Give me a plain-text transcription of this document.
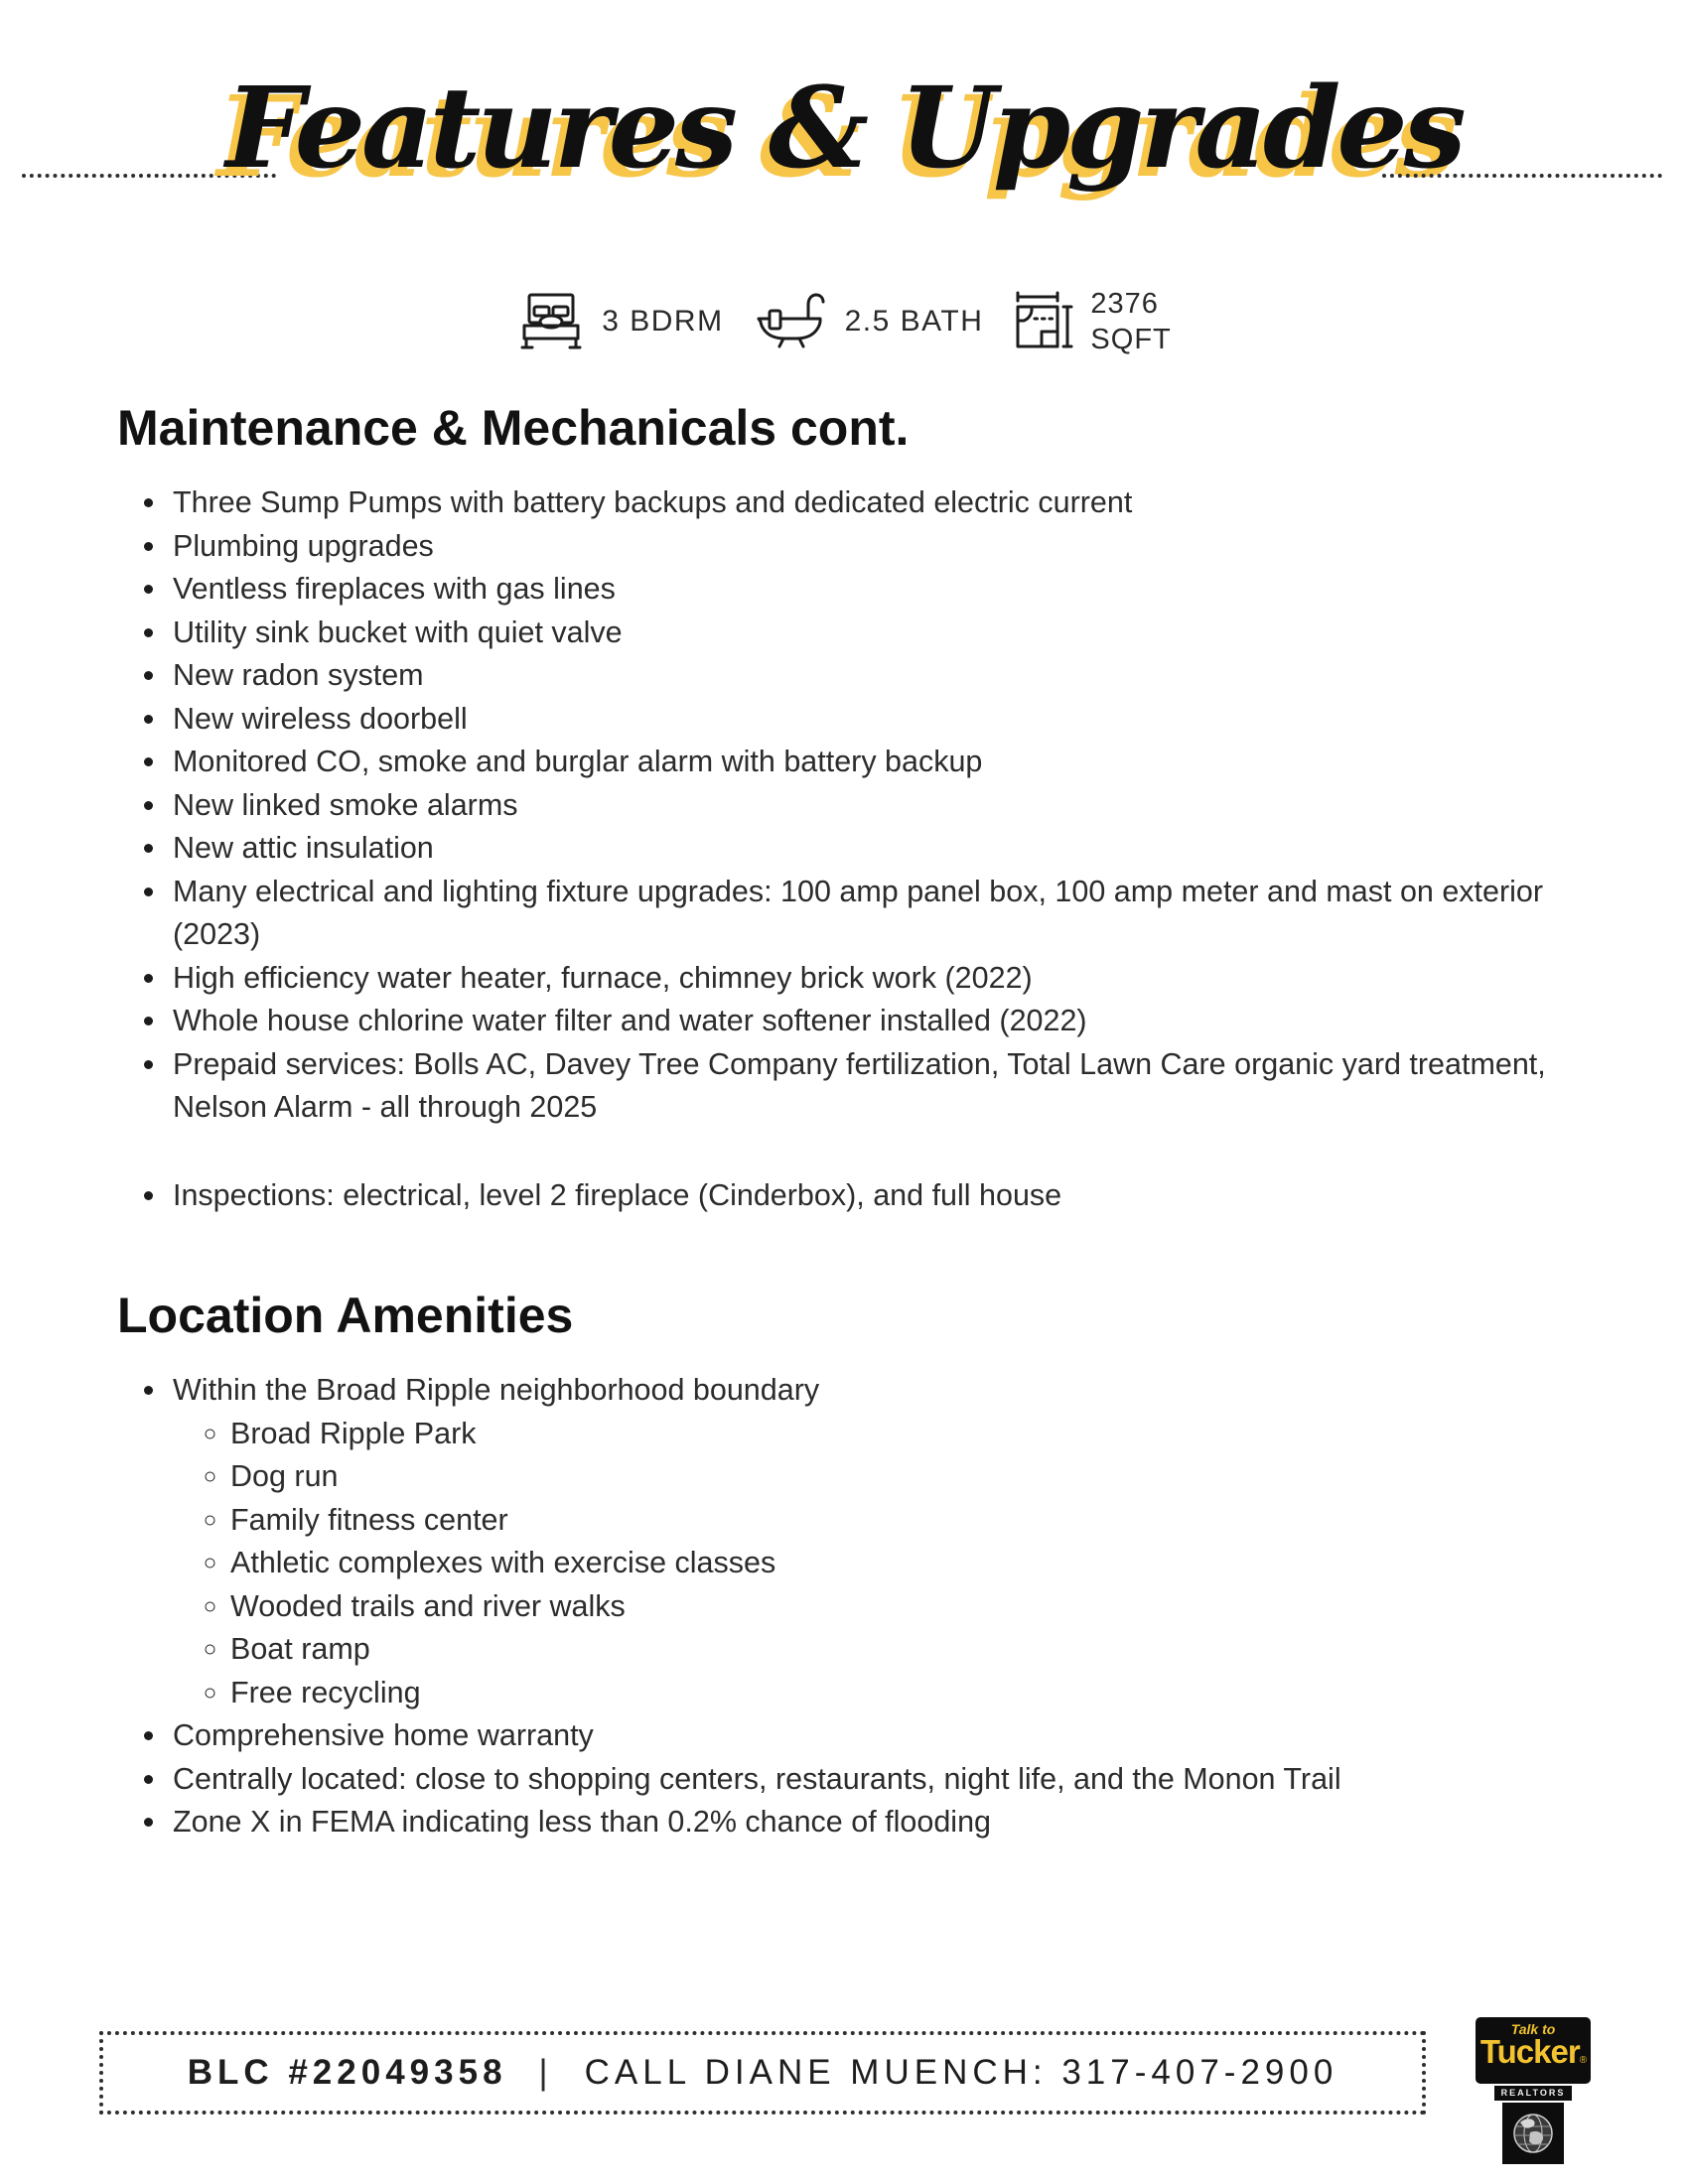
Features & Upgrades
3 BDRM	2.5 BATH
2376
SQFT
Maintenance & Mechanicals cont.
• Three Sump Pumps with battery backups and dedicated electric current
• Plumbing upgrades
• Ventless fireplaces with gas lines
• Utility sink bucket with quiet valve
• New radon system
• New wireless doorbell
• Monitored CO, smoke and burglar alarm with battery backup
• New linked smoke alarms
• New attic insulation
• Many electrical and lighting fixture upgrades: 100 amp panel box, 100 amp meter and mast on exterior (2023)
• High efficiency water heater, furnace, chimney brick work (2022)
• Whole house chlorine water filter and water softener installed (2022)
• Prepaid services: Bolls AC, Davey Tree Company fertilization, Total Lawn Care organic yard treatment, Nelson Alarm - all through 2025
• Inspections: electrical, level 2 fireplace (Cinderbox), and full house
Location Amenities
• Within the Broad Ripple neighborhood boundary
◦ Broad Ripple Park
◦ Dog run
◦ Family fitness center
◦ Athletic complexes with exercise classes
◦ Wooded trails and river walks
◦ Boat ramp
◦ Free recycling
• Comprehensive home warranty
• Centrally located: close to shopping centers, restaurants, night life, and the Monon Trail
• Zone X in FEMA indicating less than 0.2% chance of flooding
BLC #22049358 | CALL DIANE MUENCH: 317-407-2900
Talk to
Tucker®
REALTORS
